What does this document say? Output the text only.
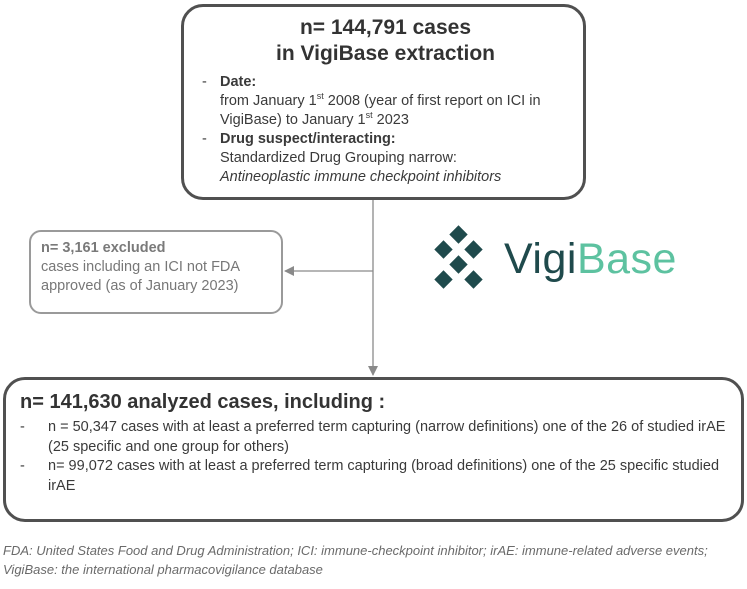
n= 144,791 cases
in VigiBase extraction
- Date:
from January 1st 2008 (year of first report on ICI in VigiBase) to January 1st 2023
- Drug suspect/interacting:
Standardized Drug Grouping narrow:
Antineoplastic immune checkpoint inhibitors
n= 3,161 excluded
cases including an ICI not FDA approved (as of January 2023)
VigiBase
n= 141,630 analyzed cases, including :
-	n = 50,347 cases with at least a preferred term capturing (narrow definitions) one of the 26 of studied irAE (25 specific and one group for others)
-	n= 99,072 cases with at least a preferred term capturing (broad definitions) one of the 25 specific studied irAE
FDA: United States Food and Drug Administration; ICI: immune-checkpoint inhibitor; irAE: immune-related adverse events; VigiBase: the international pharmacovigilance database
